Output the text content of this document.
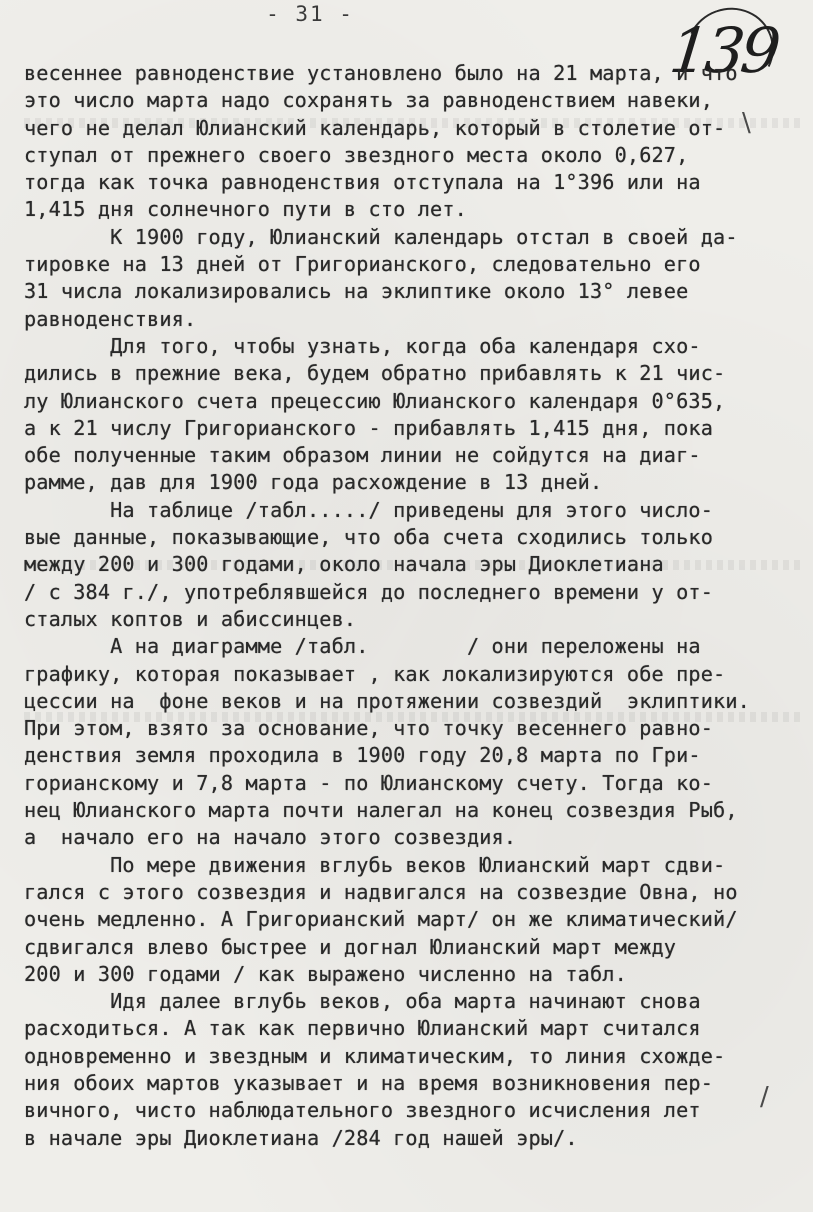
- 31 -	139
\
/
весеннее равноденствие установлено было на 21 марта, и что
это число марта надо сохранять за равноденствием навеки,
чего не делал Юлианский календарь, который в столетие от-
ступал от прежнего своего звездного места около 0,627,
тогда как точка равноденствия отступала на 1°396 или на
1,415 дня солнечного пути в сто лет.
К 1900 году, Юлианский календарь отстал в своей да-
тировке на 13 дней от Григорианского, следовательно его
31 числа локализировались на эклиптике около 13° левее
равноденствия.
Для того, чтобы узнать, когда оба календаря схо-
дились в прежние века, будем обратно прибавлять к 21 чис-
лу Юлианского счета прецессию Юлианского календаря 0°635,
а к 21 числу Григорианского - прибавлять 1,415 дня, пока
обе полученные таким образом линии не сойдутся на диаг-
рамме, дав для 1900 года расхождение в 13 дней.
На таблице /табл...../ приведены для этого число-
вые данные, показывающие, что оба счета сходились только
между 200 и 300 годами, около начала эры Диоклетиана
/ с 384 г./, употреблявшейся до последнего времени у от-
сталых коптов и абиссинцев.
А на диаграмме /табл.        / они переложены на
графику, которая показывает , как локализируются обе пре-
цессии на  фоне веков и на протяжении созвездий  эклиптики.
При этом, взято за основание, что точку весеннего равно-
денствия земля проходила в 1900 году 20,8 марта по Гри-
горианскому и 7,8 марта - по Юлианскому счету. Тогда ко-
нец Юлианского марта почти налегал на конец созвездия Рыб,
а  начало его на начало этого созвездия.
По мере движения вглубь веков Юлианский март сдви-
гался с этого созвездия и надвигался на созвездие Овна, но
очень медленно. А Григорианский март/ он же климатический/
сдвигался влево быстрее и догнал Юлианский март между
200 и 300 годами / как выражено численно на табл.
Идя далее вглубь веков, оба марта начинают снова
расходиться. А так как первично Юлианский март считался
одновременно и звездным и климатическим, то линия схожде-
ния обоих мартов указывает и на время возникновения пер-
вичного, чисто наблюдательного звездного исчисления лет
в начале эры Диоклетиана /284 год нашей эры/.
